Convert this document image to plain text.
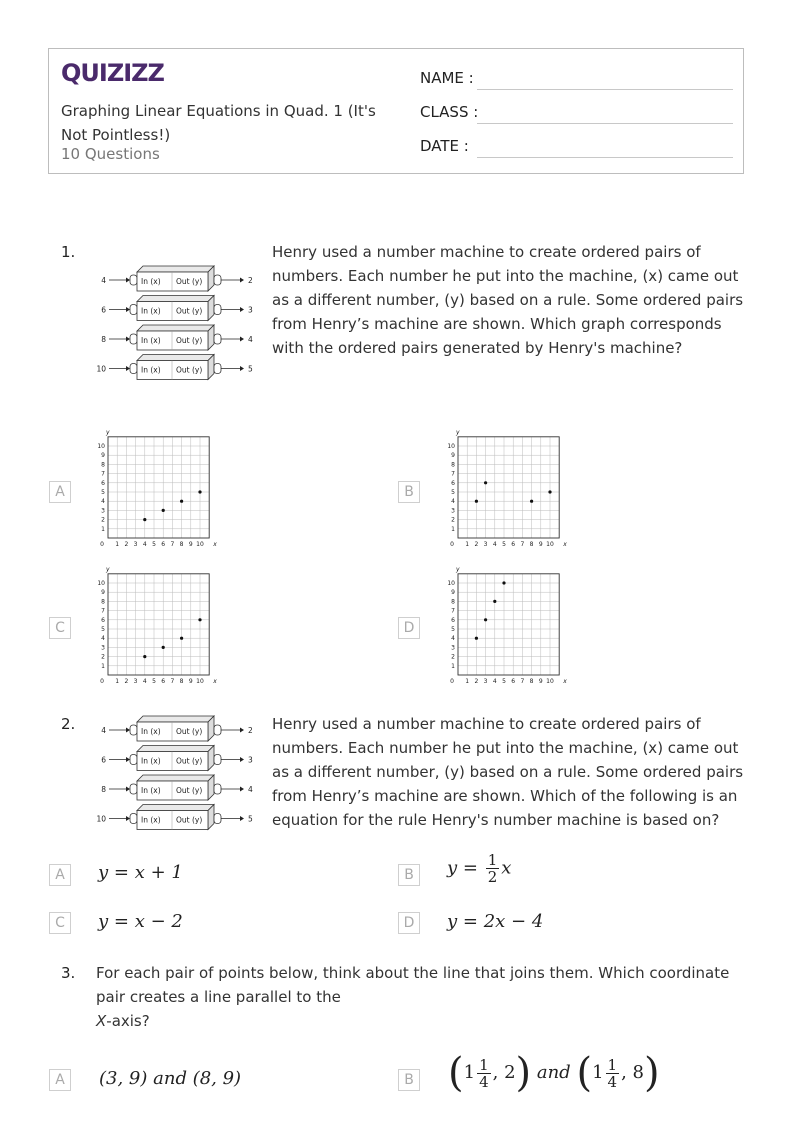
QUIZIZZ
Graphing Linear Equations in Quad. 1 (It's Not Pointless!)
10 Questions
NAME :
CLASS :
DATE :
1.
4	In (x) Out (y)	2
6	In (x) Out (y)	3
8	In (x) Out (y)	4
10	In (x) Out (y)	5
Henry used a number machine to create ordered pairs of numbers. Each number he put into the machine, (x) came out as a different number, (y) based on a rule. Some ordered pairs from Henry’s machine are shown. Which graph corresponds with the ordered pairs generated by Henry's machine?
A
1
1
2
2
3
3
4
4
5
5
6
6
7
7
8
8
9
9
10
10
0	x
y
B
1
1
2
2
3
3
4
4
5
5
6
6
7
7
8
8
9
9
10
10
0	x
y
C
1
1
2
2
3
3
4
4
5
5
6
6
7
7
8
8
9
9
10
10
0	x
y
D
1
1
2
2
3
3
4
4
5
5
6
6
7
7
8
8
9
9
10
10
0	x
y
2.	4	In (x) Out (y)	2
6	In (x) Out (y)	3
8	In (x) Out (y)	4
10	In (x) Out (y)	5
Henry used a number machine to create ordered pairs of numbers. Each number he put into the machine, (x) came out as a different number, (y) based on a rule. Some ordered pairs from Henry’s machine are shown. Which of the following is an equation for the rule Henry's number machine is based on?
A	y = x + 1	B	$y = \frac{1}{2}$ x
C	y = x − 2	D	y = 2x − 4
3. For each pair of points below, think about the line that joins them. Which coordinate pair creates a line parallel to the
X-axis?
A	(3, 9) and (8, 9)	B ($1 \frac{1}{4}$ , 2) and ($1 \frac{1}{4}$ , 8)
